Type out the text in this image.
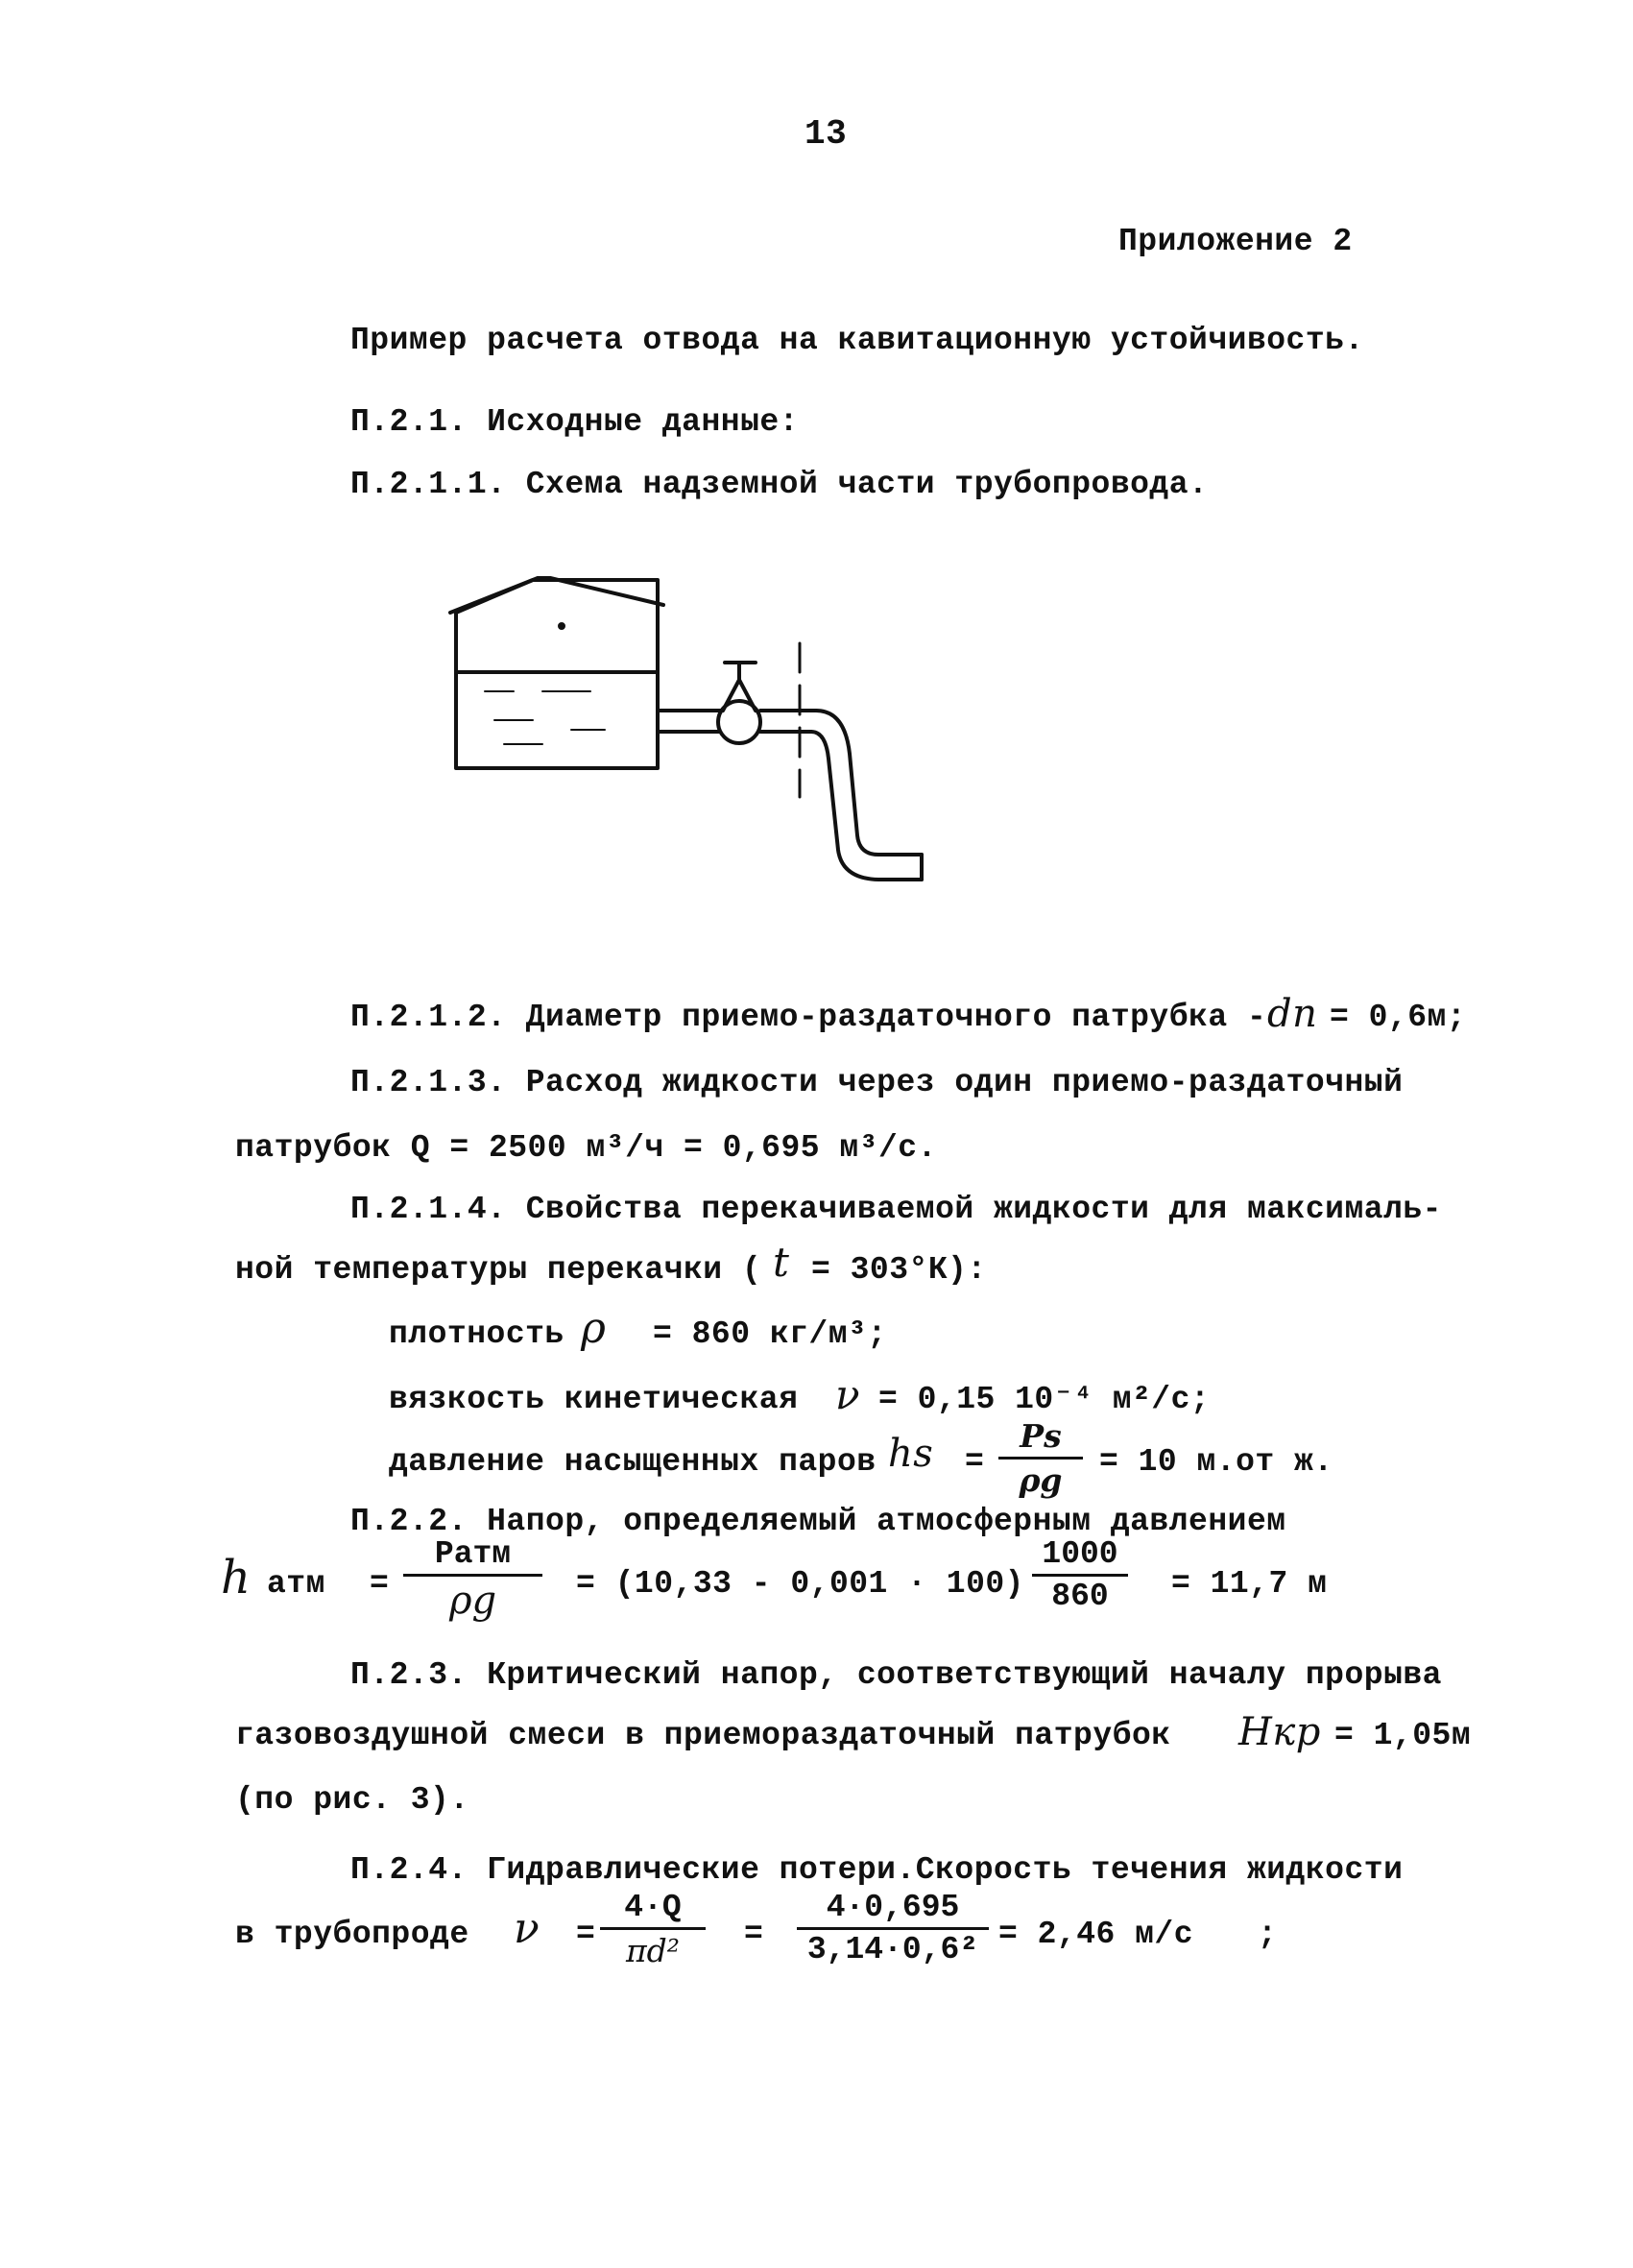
13
Приложение 2
Пример расчета отвода на кавитационную устойчивость.
П.2.1. Исходные данные:
П.2.1.1. Схема надземной части трубопровода.
П.2.1.2. Диаметр приемо-раздаточного патрубка - dп = 0,6м;
П.2.1.3. Расход жидкости через один приемо-раздаточный
патрубок Q = 2500 м³/ч = 0,695 м³/с.
П.2.1.4. Свойства перекачиваемой жидкости для максималь-
ной температуры перекачки ( t = 303°К):
плотность ρ = 860 кг/м³;
вязкость кинетическая ν = 0,15 10⁻⁴ м²/с;
давление насыщенных паров hs = $\frac{Ps}{\rho g} = 10$ м.от ж.
П.2.2. Напор, определяемый атмосферным давлением
h атм =
Pатм
ρg	= $(10,33 - 0,001 \cdot 100) \frac{1000}{860} = 11,7$ м
П.2.3. Критический напор, соответствующий началу прорыва
газовоздушной смеси в приемораздаточный патрубок Hкр = 1,05м
(по рис. 3).
П.2.4. Гидравлические потери.Скорость течения жидкости
в трубопроде $\nu = \frac{4\cdot Q}{\text{πd²}} = \frac{4\cdot 0,695}{\text{3,14·0,6²}} = 2,46$ м/с ;
